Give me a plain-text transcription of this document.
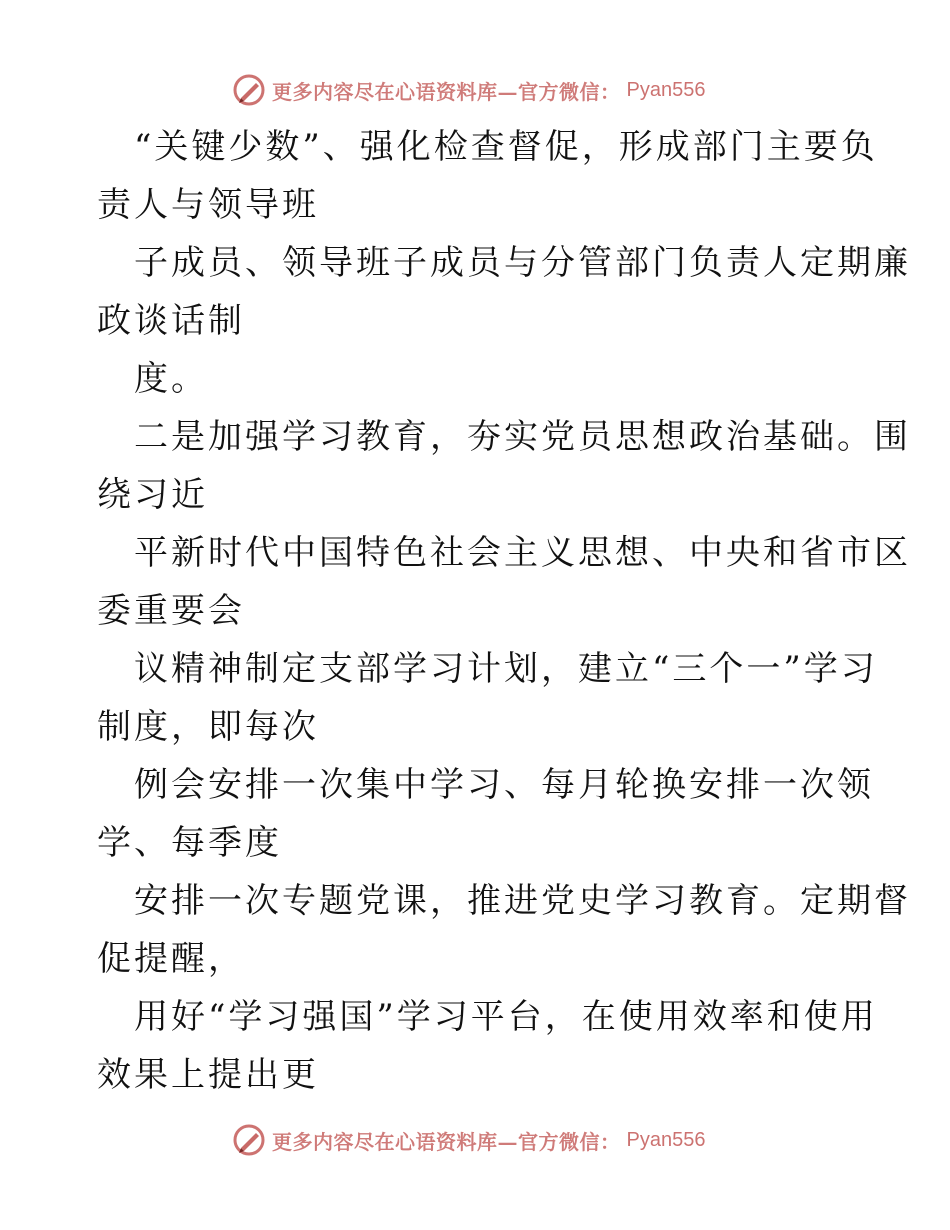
更多内容尽在心语资料库—官方微信： Pyan556
“关键少数”、强化检查督促，形成部门主要负
责人与领导班
子成员、领导班子成员与分管部门负责人定期廉
政谈话制
度。
二是加强学习教育，夯实党员思想政治基础。围
绕习近
平新时代中国特色社会主义思想、中央和省市区
委重要会
议精神制定支部学习计划，建立“三个一”学习
制度，即每次
例会安排一次集中学习、每月轮换安排一次领
学、每季度
安排一次专题党课，推进党史学习教育。定期督
促提醒，
用好“学习强国”学习平台，在使用效率和使用
效果上提出更
更多内容尽在心语资料库—官方微信： Pyan556
